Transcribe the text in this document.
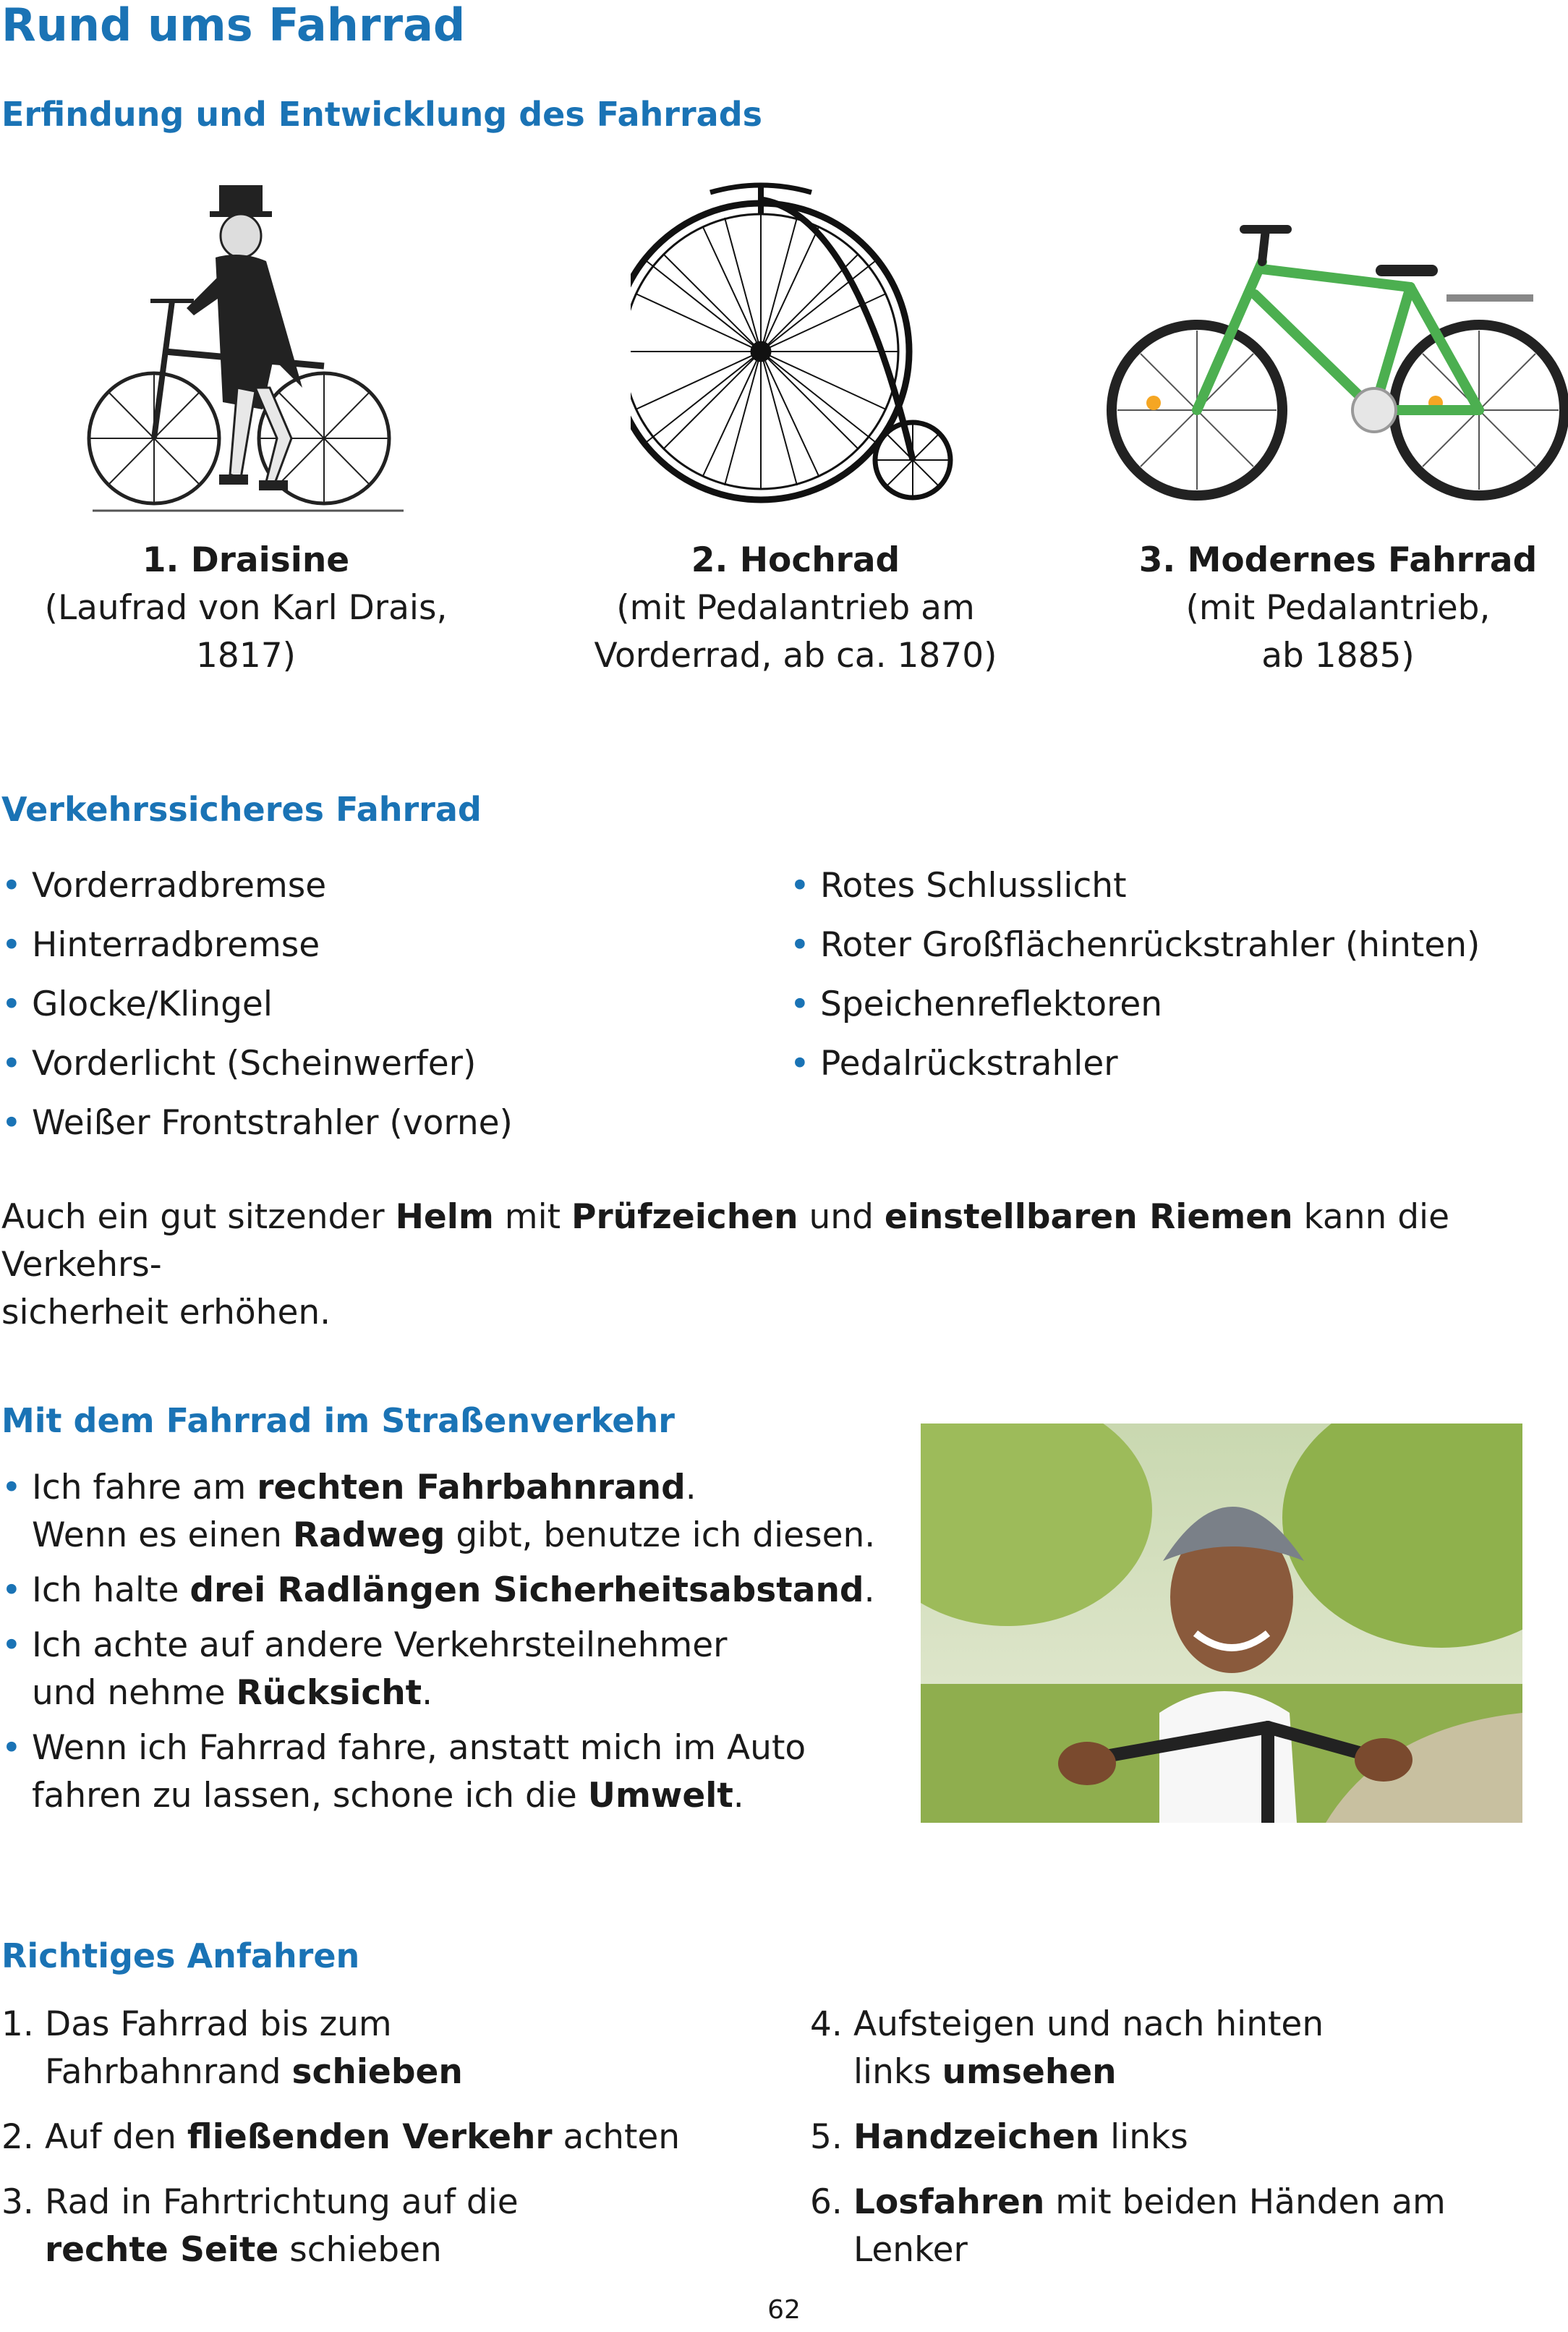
Rund ums Fahrrad
Erfindung und Entwicklung des Fahrrads
1. Draisine
(Laufrad von Karl Drais,
1817)
2. Hochrad
(mit Pedalantrieb am
Vorderrad, ab ca. 1870)
3. Modernes Fahrrad
(mit Pedalantrieb,
ab 1885)
Verkehrssicheres Fahrrad
• Vorderradbremse
• Hinterradbremse
• Glocke/Klingel
• Vorderlicht (Scheinwerfer)
• Weißer Frontstrahler (vorne)
• Rotes Schlusslicht
• Roter Großflächenrückstrahler (hinten)
• Speichenreflektoren
• Pedalrückstrahler
Auch ein gut sitzender Helm mit Prüfzeichen und einstellbaren Riemen kann die Verkehrs-
sicherheit erhöhen.
Mit dem Fahrrad im Straßenverkehr
• Ich fahre am rechten Fahrbahnrand.
Wenn es einen Radweg gibt, benutze ich diesen.
• Ich halte drei Radlängen Sicherheitsabstand.
• Ich achte auf andere Verkehrsteilnehmer
und nehme Rücksicht.
• Wenn ich Fahrrad fahre, anstatt mich im Auto
fahren zu lassen, schone ich die Umwelt.
Richtiges Anfahren
1. Das Fahrrad bis zum
Fahrbahnrand schieben
2. Auf den fließenden Verkehr achten
3. Rad in Fahrtrichtung auf die
rechte Seite schieben
4. Aufsteigen und nach hinten
links umsehen
5. Handzeichen links
6. Losfahren mit beiden Händen am Lenker
62
